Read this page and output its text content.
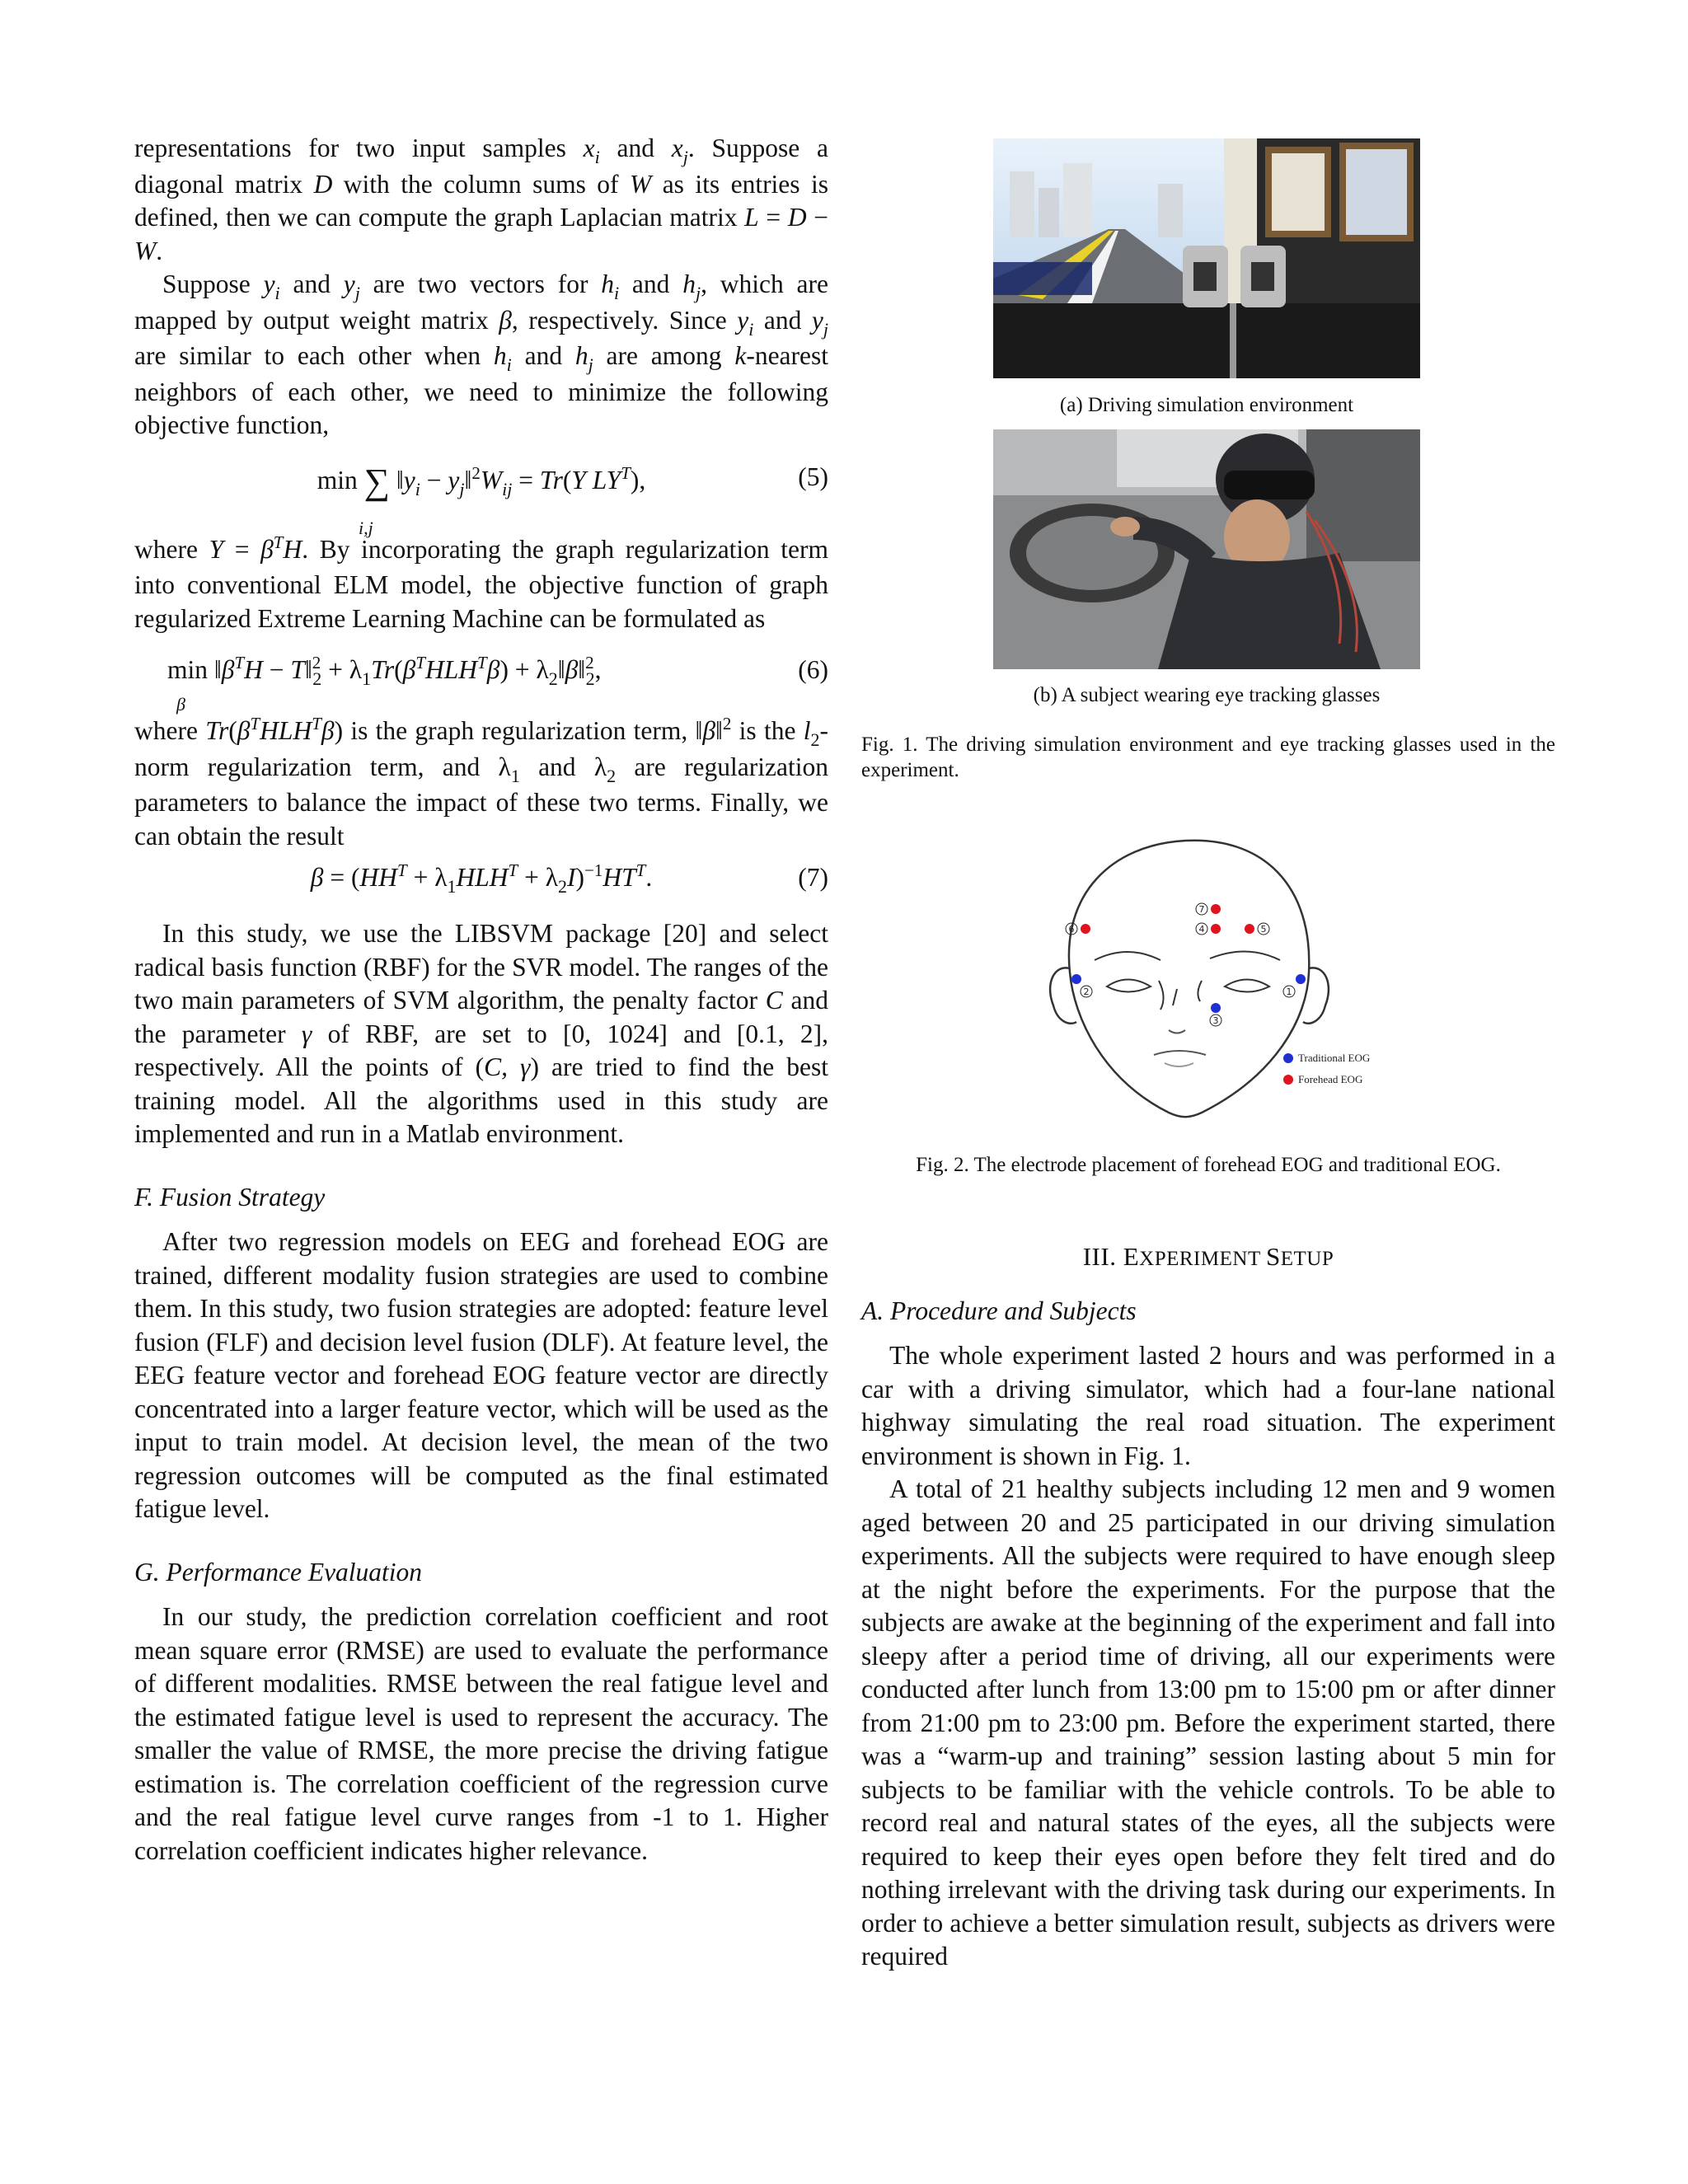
representations for two input samples $x_i$ and $x_j$. Suppose a diagonal matrix D with the column sums of W as its entries is defined, then we can compute the graph Laplacian matrix L = D − W.

Suppose $y_i$ and $y_j$ are two vectors for $h_i$ and $h_j$, which are mapped by output weight matrix β, respectively. Since $y_i$ and $y_j$ are similar to each other when $h_i$ and $h_j$ are among k-nearest neighbors of each other, we need to minimize the following objective function,

min ∑
i,j
$‖y_i$ − $y_j‖^2W_{ij} = Tr(Y$ $LY^T$),	(5)

where $Y = \beta^TH$. By incorporating the graph regularization term into conventional ELM model, the objective function of graph regularized Extreme Learning Machine can be formulated as

min
β
$‖\beta^TH$ − T‖$^2_2$ + $\lambda_1Tr(\beta^THLH^T\beta)$ + $\lambda_2‖\beta‖^2_2$,	(6)

where $Tr(\beta^THLH^T\beta)$ is the graph regularization term, ‖β‖$^2$ is the $l_2$-norm regularization term, and $\lambda_1$ and $\lambda_2$ are regularization parameters to balance the impact of these two terms. Finally, we can obtain the result

$\beta = (HH^T + \lambda_1HLH^T + \lambda_2I)^{-1}HT^T$.	(7)

In this study, we use the LIBSVM package [20] and select radical basis function (RBF) for the SVR model. The ranges of the two main parameters of SVM algorithm, the penalty factor C and the parameter γ of RBF, are set to [0, 1024] and [0.1, 2], respectively. All the points of (C, γ) are tried to find the best training model. All the algorithms used in this study are implemented and run in a Matlab environment.

F. Fusion Strategy

After two regression models on EEG and forehead EOG are trained, different modality fusion strategies are used to combine them. In this study, two fusion strategies are adopted: feature level fusion (FLF) and decision level fusion (DLF). At feature level, the EEG feature vector and forehead EOG feature vector are directly concentrated into a larger feature vector, which will be used as the input to train model. At decision level, the mean of the two regression outcomes will be computed as the final estimated fatigue level.

G. Performance Evaluation

In our study, the prediction correlation coefficient and root mean square error (RMSE) are used to evaluate the performance of different modalities. RMSE between the real fatigue level and the estimated fatigue level is used to represent the accuracy. The smaller the value of RMSE, the more precise the driving fatigue estimation is. The correlation coefficient of the regression curve and the real fatigue level curve ranges from -1 to 1. Higher correlation coefficient indicates higher relevance.

(a) Driving simulation environment
(b) A subject wearing eye tracking glasses
Fig. 1. The driving simulation environment and eye tracking glasses used in the experiment.
7
4	5
6
2	1
3
Traditional EOG
Forehead EOG
Fig. 2. The electrode placement of forehead EOG and traditional EOG.
III. EXPERIMENT SETUP
A. Procedure and Subjects

The whole experiment lasted 2 hours and was performed in a car with a driving simulator, which had a four-lane national highway simulating the real road situation. The experiment environment is shown in Fig. 1.

A total of 21 healthy subjects including 12 men and 9 women aged between 20 and 25 participated in our driving simulation experiments. All the subjects were required to have enough sleep at the night before the experiments. For the purpose that the subjects are awake at the beginning of the experiment and fall into sleepy after a period time of driving, all our experiments were conducted after lunch from 13:00 pm to 15:00 pm or after dinner from 21:00 pm to 23:00 pm. Before the experiment started, there was a “warm-up and training” session lasting about 5 min for subjects to be familiar with the vehicle controls. To be able to record real and natural states of the eyes, all the subjects were required to keep their eyes open before they felt tired and do nothing irrelevant with the driving task during our experiments. In order to achieve a better simulation result, subjects as drivers were required
